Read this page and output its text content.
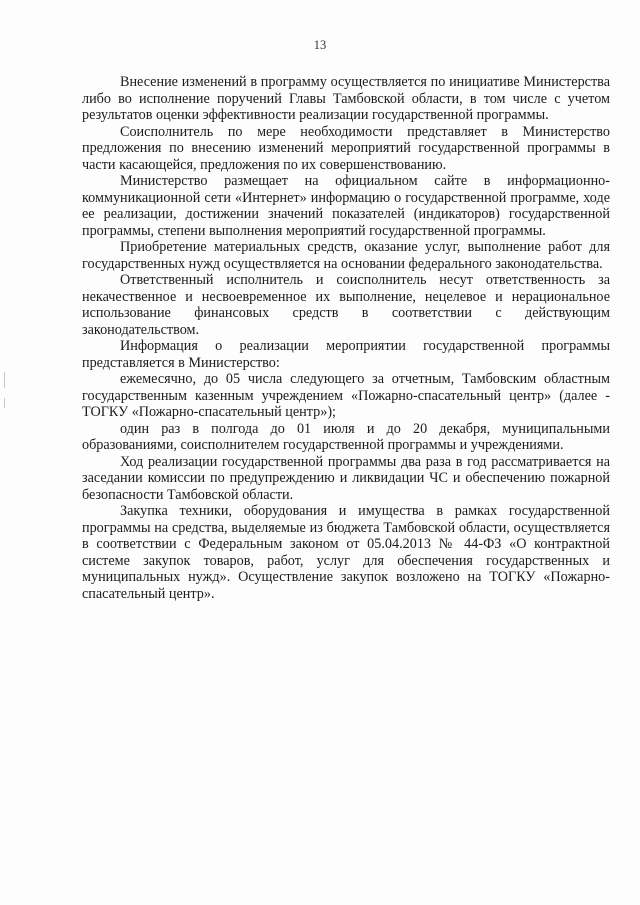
13

Внесение изменений в программу осуществляется по инициативе Министерства либо во исполнение поручений Главы Тамбовской области, в том числе с учетом результатов оценки эффективности реализации государственной программы.

Соисполнитель по мере необходимости представляет в Министерство предложения по внесению изменений мероприятий государственной программы в части касающейся, предложения по их совершенствованию.

Министерство размещает на официальном сайте в информационно-коммуникационной сети «Интернет» информацию о государственной программе, ходе ее реализации, достижении значений показателей (индикаторов) государственной программы, степени выполнения мероприятий государственной программы.

Приобретение материальных средств, оказание услуг, выполнение работ для государственных нужд осуществляется на основании федерального законодательства.

Ответственный исполнитель и соисполнитель несут ответственность за некачественное и несвоевременное их выполнение, нецелевое и нерациональное использование финансовых средств в соответствии с действующим законодательством.

Информация о реализации мероприятии государственной программы представляется в Министерство:

ежемесячно, до 05 числа следующего за отчетным, Тамбовским областным государственным казенным учреждением «Пожарно-спасательный центр» (далее - ТОГКУ «Пожарно-спасательный центр»);

один раз в полгода до 01 июля и до 20 декабря, муниципальными образованиями, соисполнителем государственной программы и учреждениями.

Ход реализации государственной программы два раза в год рассматривается на заседании комиссии по предупреждению и ликвидации ЧС и обеспечению пожарной безопасности Тамбовской области.

Закупка техники, оборудования и имущества в рамках государственной программы на средства, выделяемые из бюджета Тамбовской области, осуществляется в соответствии с Федеральным законом от 05.04.2013 № 44-ФЗ «О контрактной системе закупок товаров, работ, услуг для обеспечения государственных и муниципальных нужд». Осуществление закупок возложено на ТОГКУ «Пожарно-спасательный центр».
